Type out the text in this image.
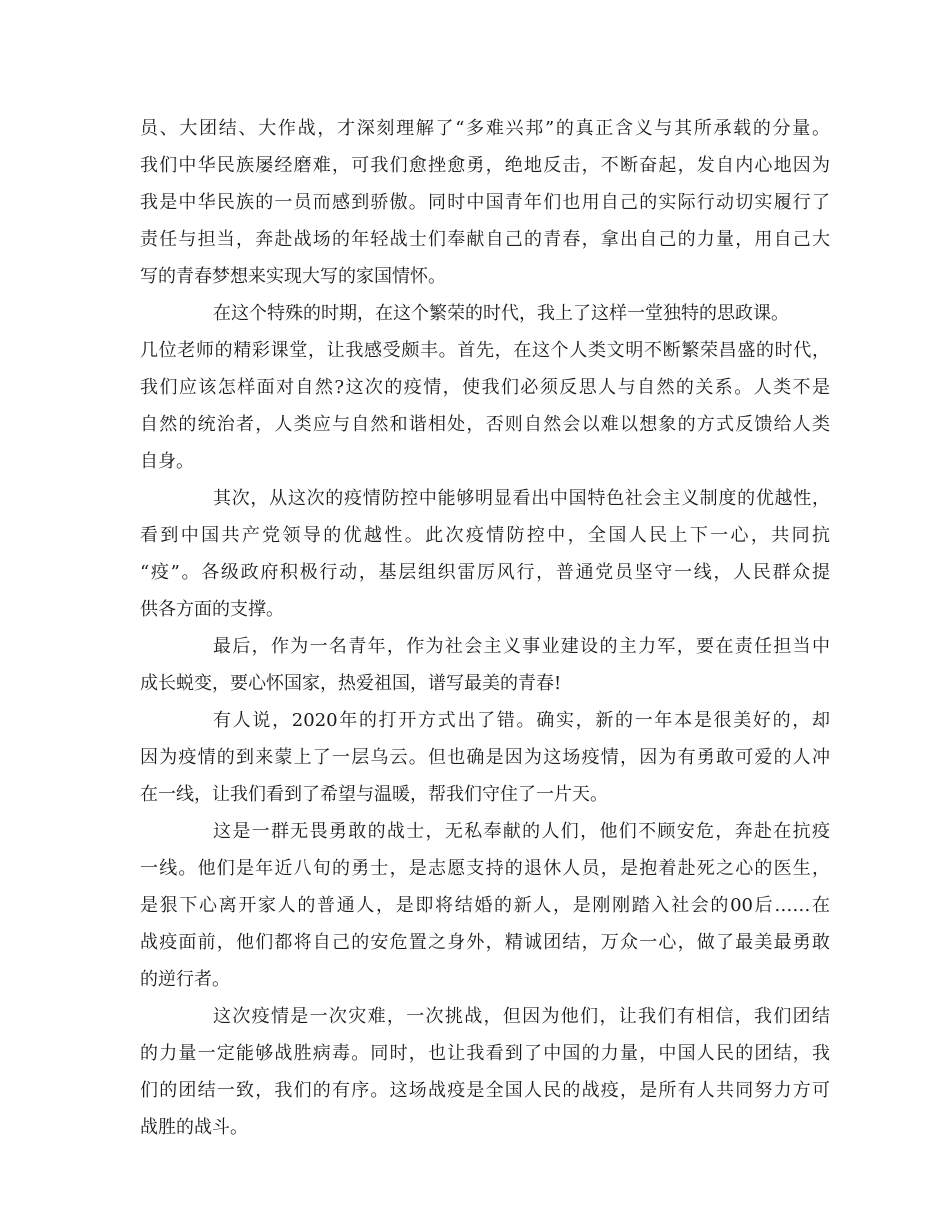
员、大团结、大作战，才深刻理解了“多难兴邦”的真正含义与其所承载的分量。

我们中华民族屡经磨难，可我们愈挫愈勇，绝地反击，不断奋起，发自内心地因为

我是中华民族的一员而感到骄傲。同时中国青年们也用自己的实际行动切实履行了

责任与担当，奔赴战场的年轻战士们奉献自己的青春，拿出自己的力量，用自己大

写的青春梦想来实现大写的家国情怀。

在这个特殊的时期，在这个繁荣的时代，我上了这样一堂独特的思政课。

几位老师的精彩课堂，让我感受颇丰。首先，在这个人类文明不断繁荣昌盛的时代，

我们应该怎样面对自然?这次的疫情，使我们必须反思人与自然的关系。人类不是

自然的统治者，人类应与自然和谐相处，否则自然会以难以想象的方式反馈给人类

自身。

其次，从这次的疫情防控中能够明显看出中国特色社会主义制度的优越性，

看到中国共产党领导的优越性。此次疫情防控中，全国人民上下一心，共同抗

“疫”。各级政府积极行动，基层组织雷厉风行，普通党员坚守一线，人民群众提

供各方面的支撑。

最后，作为一名青年，作为社会主义事业建设的主力军，要在责任担当中

成长蜕变，要心怀国家，热爱祖国，谱写最美的青春!

有人说，2020年的打开方式出了错。确实，新的一年本是很美好的，却

因为疫情的到来蒙上了一层乌云。但也确是因为这场疫情，因为有勇敢可爱的人冲

在一线，让我们看到了希望与温暖，帮我们守住了一片天。

这是一群无畏勇敢的战士，无私奉献的人们，他们不顾安危，奔赴在抗疫

一线。他们是年近八旬的勇士，是志愿支持的退休人员，是抱着赴死之心的医生，

是狠下心离开家人的普通人，是即将结婚的新人，是刚刚踏入社会的00后……在

战疫面前，他们都将自己的安危置之身外，精诚团结，万众一心，做了最美最勇敢

的逆行者。

这次疫情是一次灾难，一次挑战，但因为他们，让我们有相信，我们团结

的力量一定能够战胜病毒。同时，也让我看到了中国的力量，中国人民的团结，我

们的团结一致，我们的有序。这场战疫是全国人民的战疫，是所有人共同努力方可

战胜的战斗。
